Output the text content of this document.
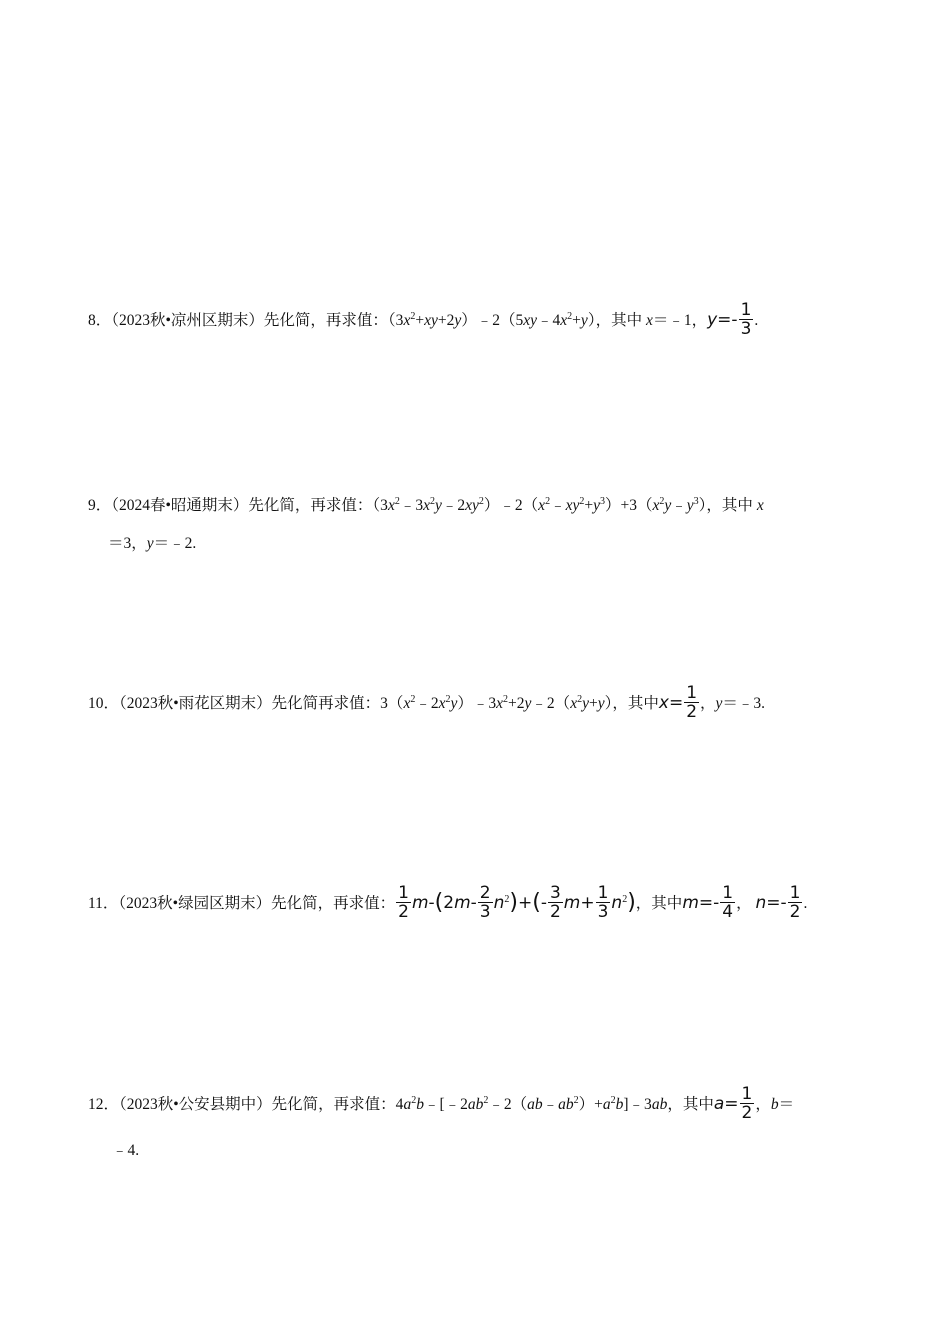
8．（2023秋•凉州区期末）先化简，再求值：$(3x^2+xy+2y)﹣2(5xy﹣4x^2+y)$，其中 x＝﹣1，$y=- \frac{1}{3}$ .
9．（2024春•昭通期末）先化简，再求值：$(3x^2﹣3x^2y﹣2xy^2)﹣2(x^2﹣xy^2+y^3)+3(x^2y﹣y^3)$，其中 x
＝3，y＝﹣2.
10．（2023秋•雨花区期末）先化简再求值：$3(x^2﹣2x^2y)﹣3x^2+2y﹣2(x^2y+y)$，其中$x= \frac{1}{2}$ ，y＝﹣3.
11．（2023秋•绿园区期末）先化简，再求值： $\frac{1}{2} m-(2m- \frac{2}{3} n^2)+(- \frac{3}{2} m+ \frac{1}{3} n^2)$，其中$m=- \frac{1}{4}$ ， $n=- \frac{1}{2}$ .
12．（2023秋•公安县期中）先化简，再求值：$4a^2b﹣[﹣2ab^2﹣2(ab﹣ab^2)+a^2b]﹣3ab$，其中$a= \frac{1}{2}$ ，b＝
﹣4.
